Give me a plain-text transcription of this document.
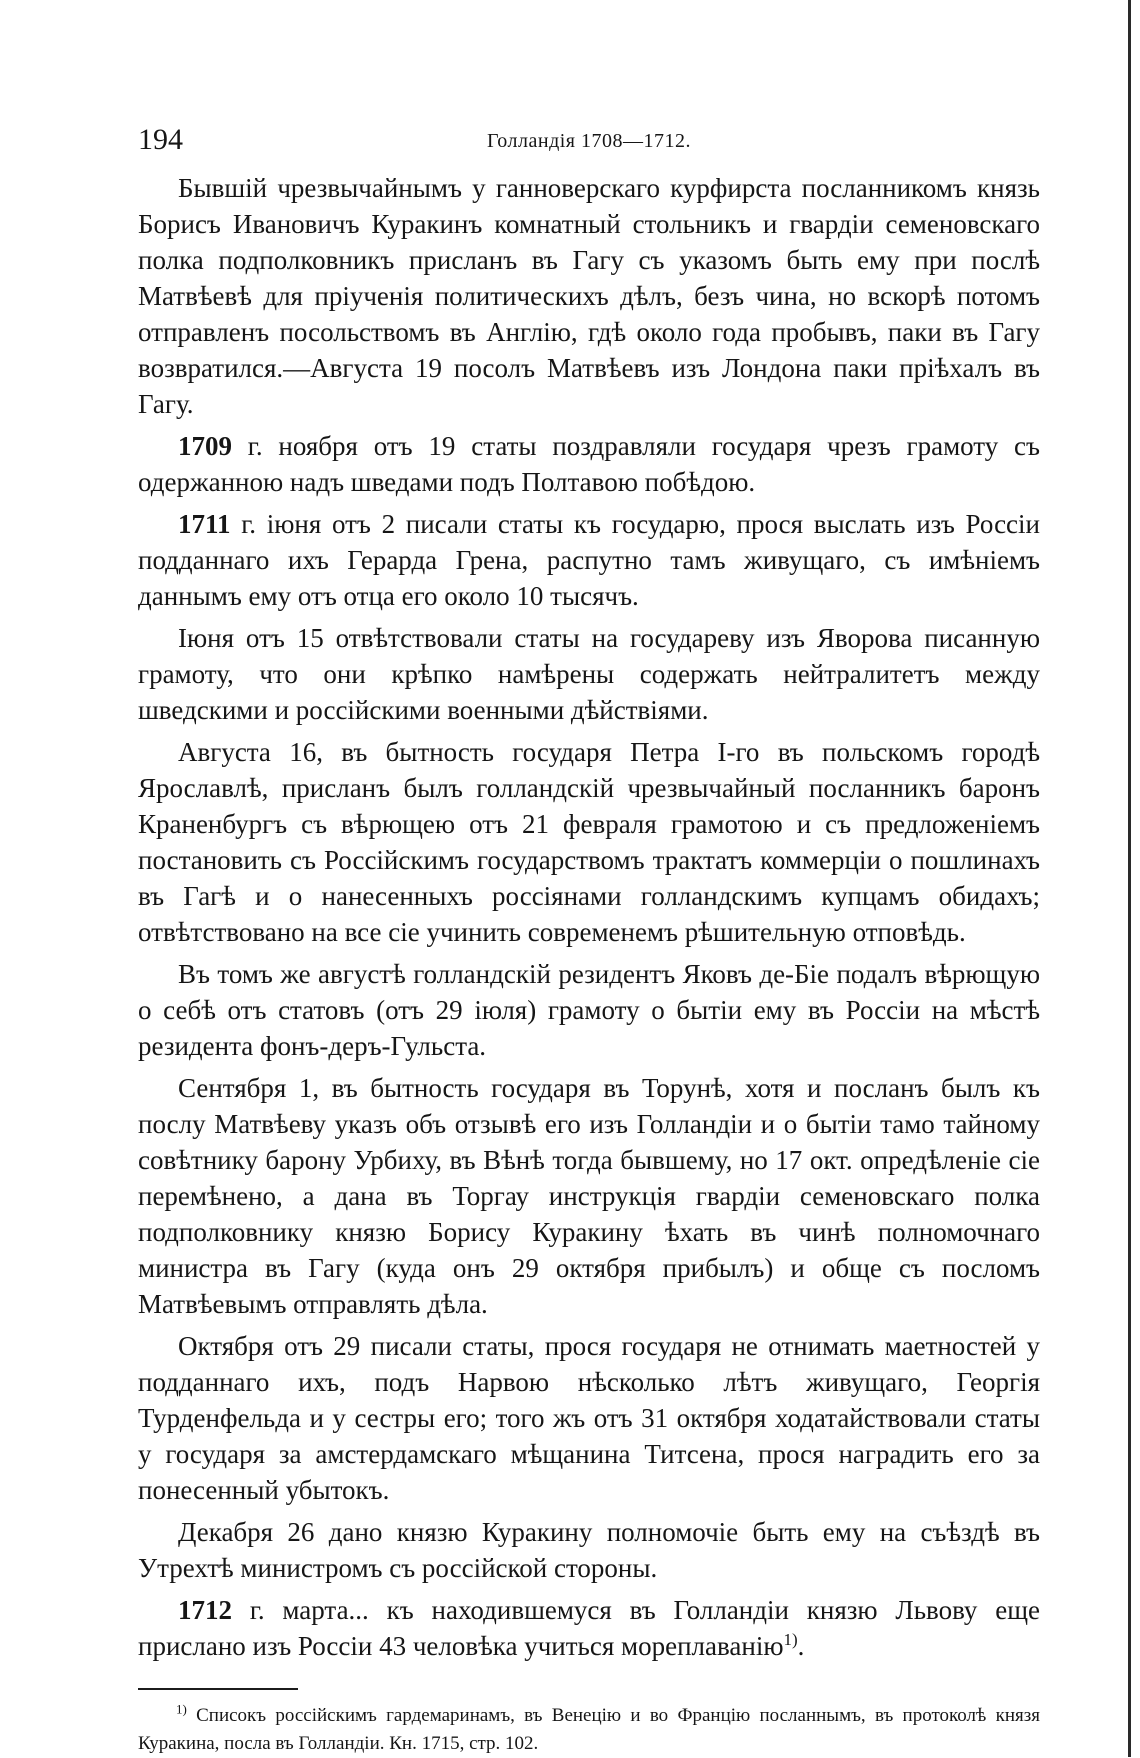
194	Голландія 1708—1712.

Бывшій чрезвычайнымъ у ганноверскаго курфирста посланникомъ князь Борисъ Ивановичъ Куракинъ комнатный стольникъ и гвардіи семеновскаго полка подполковникъ присланъ въ Гагу съ указомъ быть ему при послѣ Матвѣевѣ для пріученія политическихъ дѣлъ, безъ чина, но вскорѣ потомъ отправленъ посольствомъ въ Англію, гдѣ около года пробывъ, паки въ Гагу возвратился.—Августа 19 посолъ Матвѣевъ изъ Лондона паки пріѣхалъ въ Гагу.

1709 г. ноября отъ 19 статы поздравляли государя чрезъ грамоту съ одержанною надъ шведами подъ Полтавою побѣдою.

1711 г. іюня отъ 2 писали статы къ государю, прося выслать изъ Россіи подданнаго ихъ Герарда Грена, распутно тамъ живущаго, съ имѣніемъ даннымъ ему отъ отца его около 10 тысячъ.

Іюня отъ 15 отвѣтствовали статы на государеву изъ Яворова писанную грамоту, что они крѣпко намѣрены содержать нейтралитетъ между шведскими и россійскими военными дѣйствіями.

Августа 16, въ бытность государя Петра І-го въ польскомъ городѣ Ярославлѣ, присланъ былъ голландскій чрезвычайный посланникъ баронъ Краненбургъ съ вѣрющею отъ 21 февраля грамотою и съ предложеніемъ постановить съ Россійскимъ государствомъ трактатъ коммерціи о пошлинахъ въ Гагѣ и о нанесенныхъ россіянами голландскимъ купцамъ обидахъ; отвѣтствовано на все сіе учинить современемъ рѣшительную отповѣдь.

Въ томъ же августѣ голландскій резидентъ Яковъ де-Біе подалъ вѣрющую о себѣ отъ статовъ (отъ 29 іюля) грамоту о бытіи ему въ Россіи на мѣстѣ резидента фонъ-деръ-Гульста.

Сентября 1, въ бытность государя въ Торунѣ, хотя и посланъ былъ къ послу Матвѣеву указъ объ отзывѣ его изъ Голландіи и о бытіи тамо тайному совѣтнику барону Урбиху, въ Вѣнѣ тогда бывшему, но 17 окт. опредѣленіе сіе перемѣнено, а дана въ Торгау инструкція гвардіи семеновскаго полка подполковнику князю Борису Куракину ѣхать въ чинѣ полномочнаго министра въ Гагу (куда онъ 29 октября прибылъ) и обще съ посломъ Матвѣевымъ отправлять дѣла.

Октября отъ 29 писали статы, прося государя не отнимать маетностей у подданнаго ихъ, подъ Нарвою нѣсколько лѣтъ живущаго, Георгія Турденфельда и у сестры его; того жъ отъ 31 октября ходатайствовали статы у государя за амстердамскаго мѣщанина Титсена, прося наградить его за понесенный убытокъ.

Декабря 26 дано князю Куракину полномочіе быть ему на съѣздѣ въ Утрехтѣ министромъ съ россійской стороны.

1712 г. марта... къ находившемуся въ Голландіи князю Львову еще прислано изъ Россіи 43 человѣка учиться мореплаванію$^{1)}$.

$^{1)}$ Списокъ россійскимъ гардемаринамъ, въ Венецію и во Францію посланнымъ, въ протоколѣ князя Куракина, посла въ Голландіи. Кн. 1715, стр. 102.
